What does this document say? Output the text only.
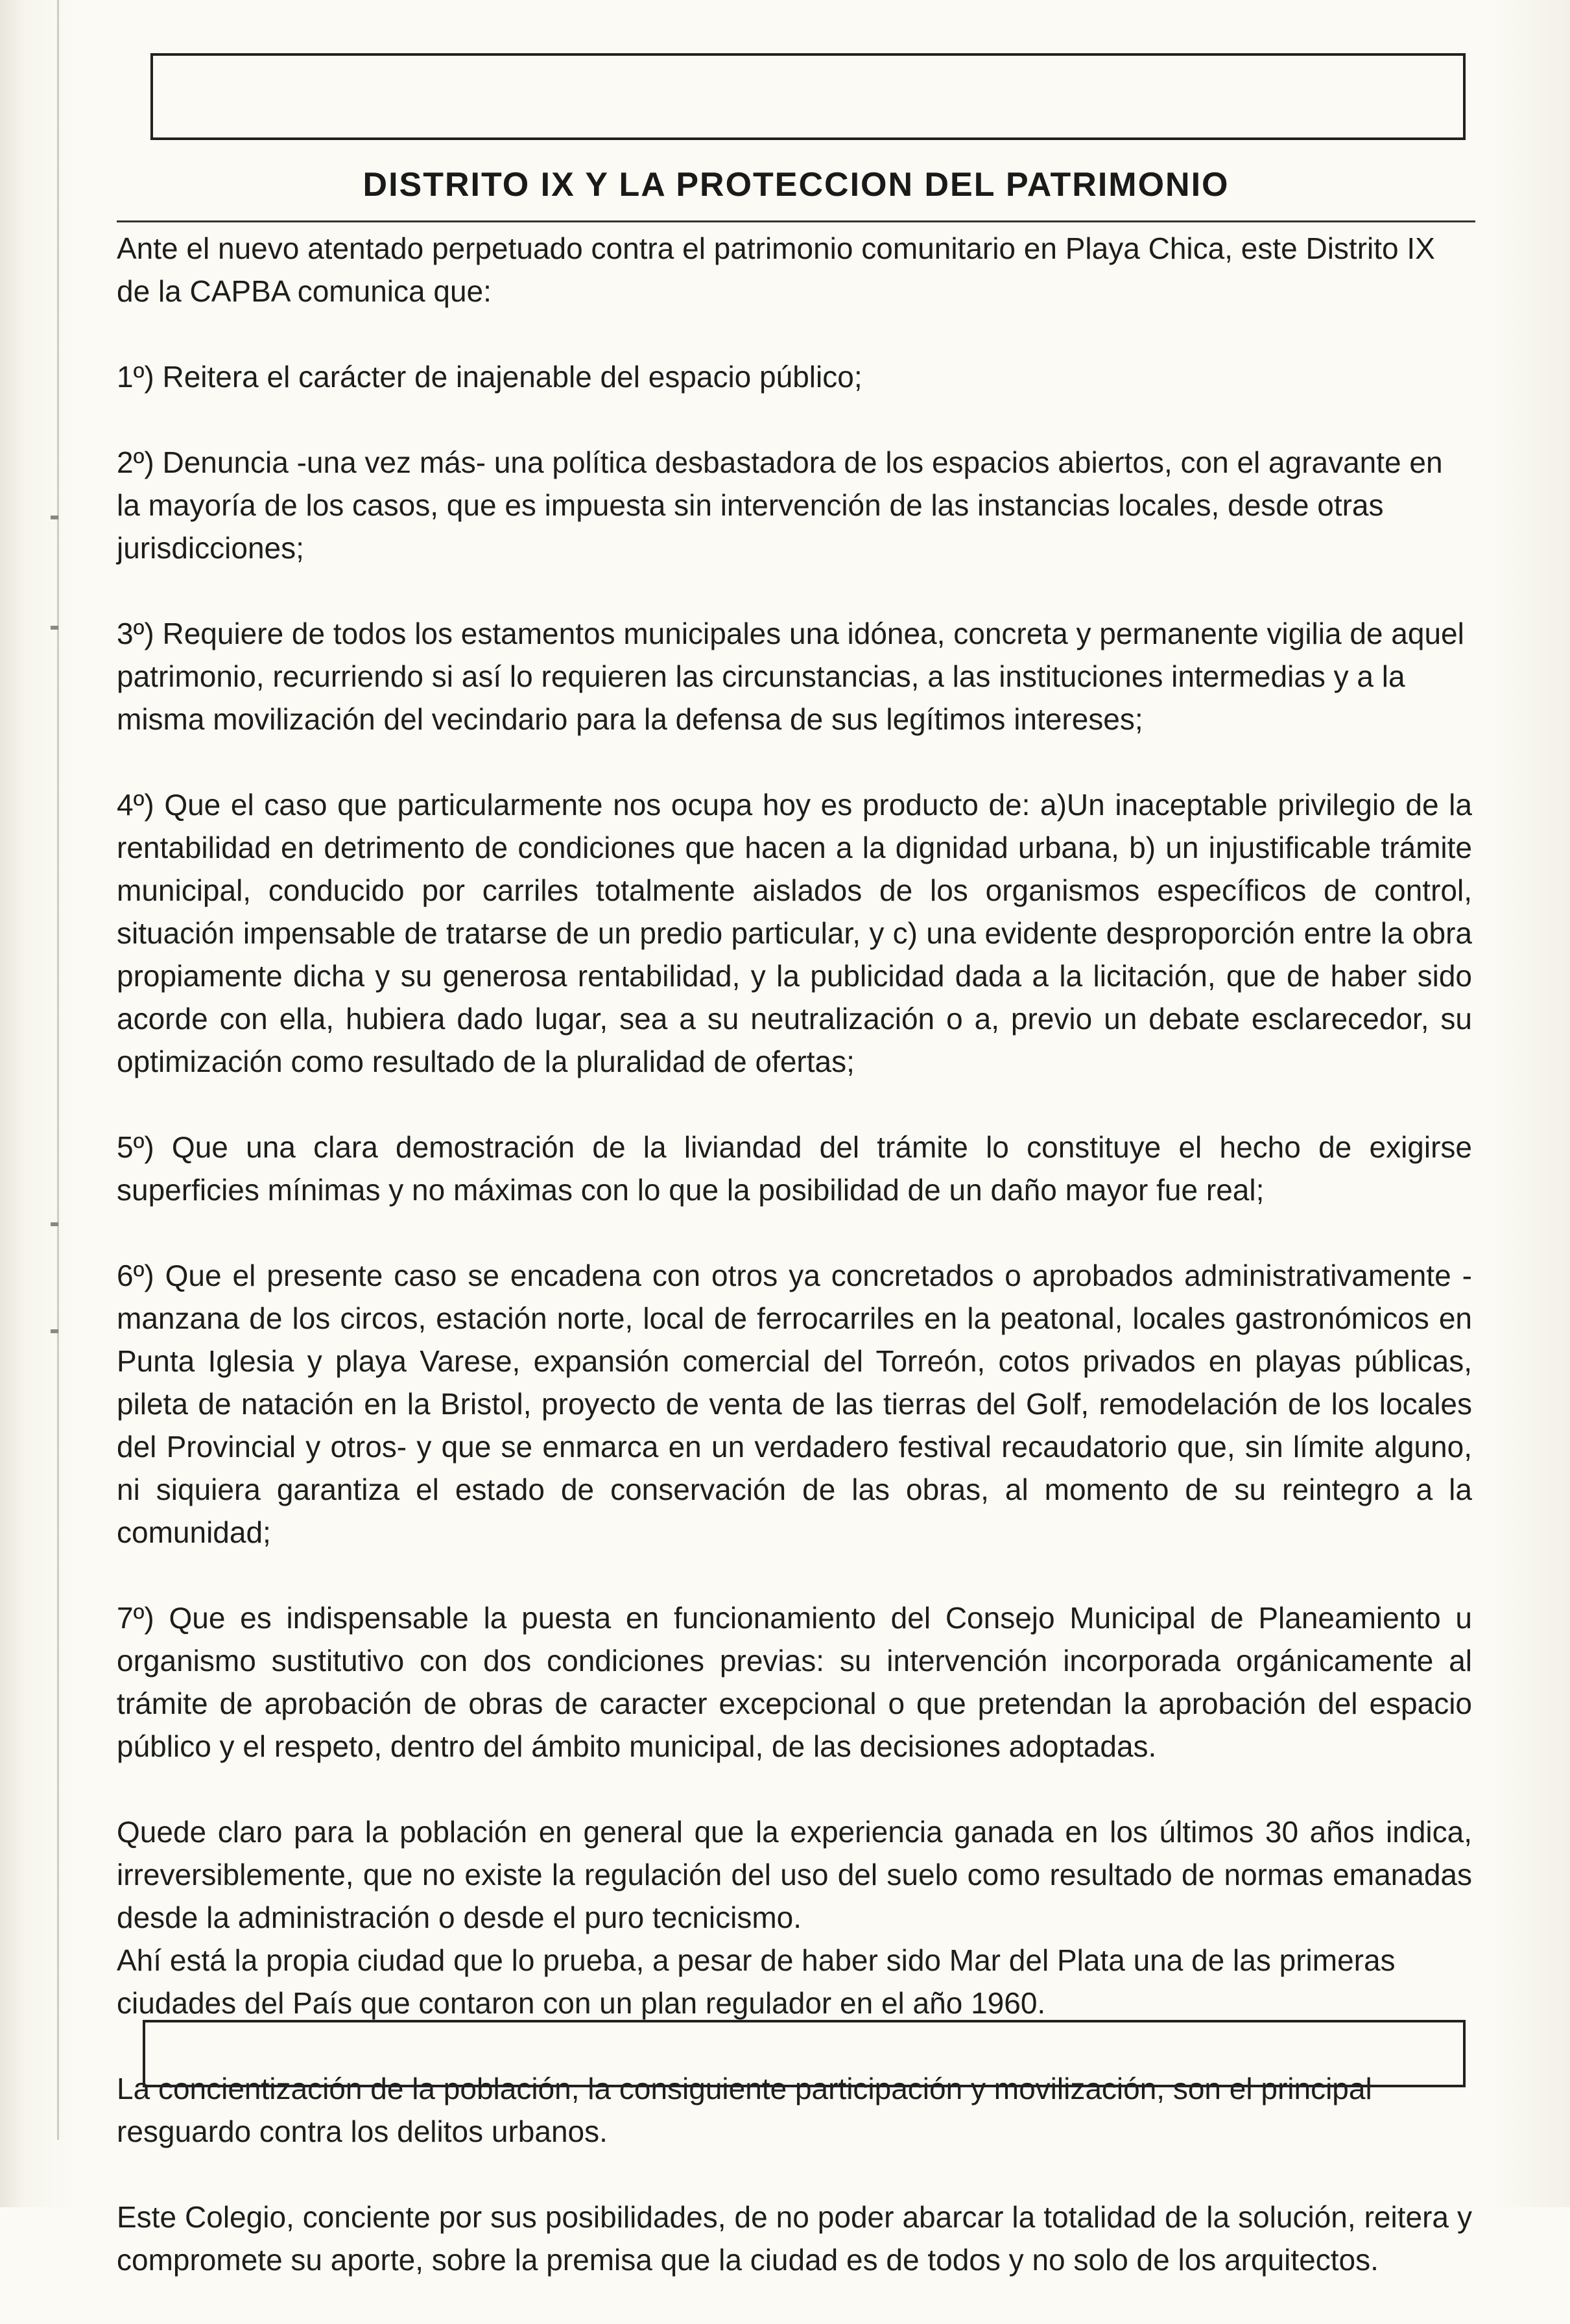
DISTRITO IX Y LA PROTECCION DEL PATRIMONIO

Ante el nuevo atentado perpetuado contra el patrimonio comunitario en Playa Chica, este Distrito IX de la CAPBA comunica que:

1º) Reitera el carácter de inajenable del espacio público;

2º) Denuncia -una vez más- una política desbastadora de los espacios abiertos, con el agravante en la mayoría de los casos, que es impuesta sin intervención de las instancias locales, desde otras jurisdicciones;

3º) Requiere de todos los estamentos municipales una idónea, concreta y permanente vigilia de aquel patrimonio, recurriendo si así lo requieren las circunstancias, a las instituciones intermedias y a la misma movilización del vecindario para la defensa de sus legítimos intereses;

4º) Que el caso que particularmente nos ocupa hoy es producto de: a)Un inaceptable privilegio de la rentabilidad en detrimento de condiciones que hacen a la dignidad urbana, b) un injustificable trámite municipal, conducido por carriles totalmente aislados de los organismos específicos de control, situación impensable de tratarse de un predio particular, y c) una evidente desproporción entre la obra propiamente dicha y su generosa rentabilidad, y la publicidad dada a la licitación, que de haber sido acorde con ella, hubiera dado lugar, sea a su neutralización o a, previo un debate esclarecedor, su optimización como resultado de la pluralidad de ofertas;

5º) Que una clara demostración de la liviandad del trámite lo constituye el hecho de exigirse superficies mínimas y no máximas con lo que la posibilidad de un daño mayor fue real;

6º) Que el presente caso se encadena con otros ya concretados o aprobados administrativamente -manzana de los circos, estación norte, local de ferrocarriles en la peatonal, locales gastronómicos en Punta Iglesia y playa Varese, expansión comercial del Torreón, cotos privados en playas públicas, pileta de natación en la Bristol, proyecto de venta de las tierras del Golf, remodelación de los locales del Provincial y otros- y que se enmarca en un verdadero festival recaudatorio que, sin límite alguno, ni siquiera garantiza el estado de conservación de las obras, al momento de su reintegro a la comunidad;

7º) Que es indispensable la puesta en funcionamiento del Consejo Municipal de Planeamiento u organismo sustitutivo con dos condiciones previas: su intervención incorporada orgánicamente al trámite de aprobación de obras de caracter excepcional o que pretendan la aprobación del espacio público y el respeto, dentro del ámbito municipal, de las decisiones adoptadas.

Quede claro para la población en general que la experiencia ganada en los últimos 30 años indica, irreversiblemente, que no existe la regulación del uso del suelo como resultado de normas emanadas desde la administración o desde el puro tecnicismo.

Ahí está la propia ciudad que lo prueba, a pesar de haber sido Mar del Plata una de las primeras ciudades del País que contaron con un plan regulador en el año 1960.

La concientización de la población, la consiguiente participación y movilización, son el principal resguardo contra los delitos urbanos.

Este Colegio, conciente por sus posibilidades, de no poder abarcar la totalidad de la solución, reitera y compromete su aporte, sobre la premisa que la ciudad es de todos y no solo de los arquitectos.
